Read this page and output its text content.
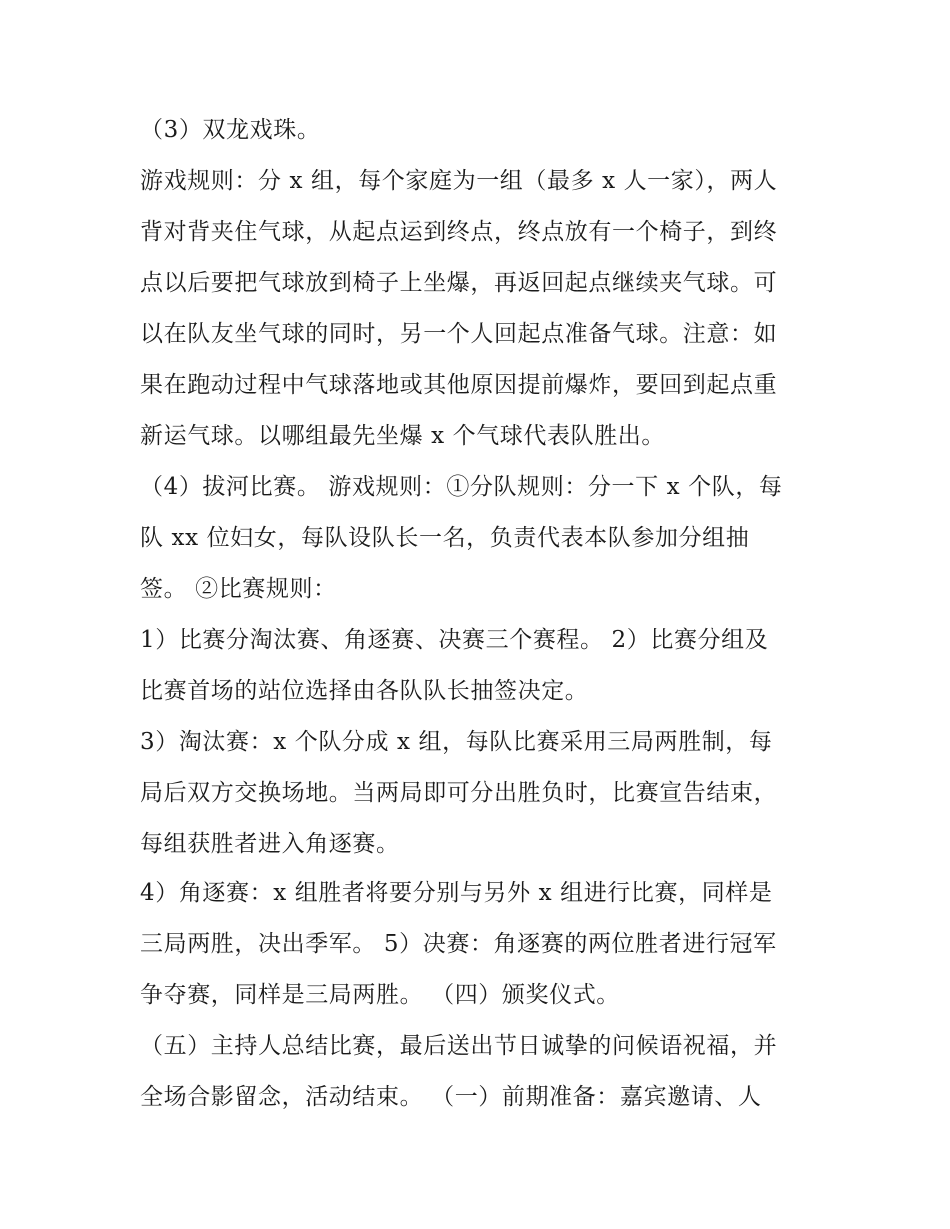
（3）双龙戏珠。
游戏规则：分 x 组，每个家庭为一组（最多 x 人一家），两人
背对背夹住气球，从起点运到终点，终点放有一个椅子，到终
点以后要把气球放到椅子上坐爆，再返回起点继续夹气球。可
以在队友坐气球的同时，另一个人回起点准备气球。注意：如
果在跑动过程中气球落地或其他原因提前爆炸，要回到起点重
新运气球。以哪组最先坐爆 x 个气球代表队胜出。
（4）拔河比赛。 游戏规则：①分队规则：分一下 x 个队，每
队 xx 位妇女，每队设队长一名，负责代表本队参加分组抽
签。 ②比赛规则：
1）比赛分淘汰赛、角逐赛、决赛三个赛程。 2）比赛分组及
比赛首场的站位选择由各队队长抽签决定。
3）淘汰赛：x 个队分成 x 组，每队比赛采用三局两胜制，每
局后双方交换场地。当两局即可分出胜负时，比赛宣告结束，
每组获胜者进入角逐赛。
4）角逐赛：x 组胜者将要分别与另外 x 组进行比赛，同样是
三局两胜，决出季军。 5）决赛：角逐赛的两位胜者进行冠军
争夺赛，同样是三局两胜。 （四）颁奖仪式。
（五）主持人总结比赛，最后送出节日诚挚的问候语祝福，并
全场合影留念，活动结束。 （一）前期准备：嘉宾邀请、人
